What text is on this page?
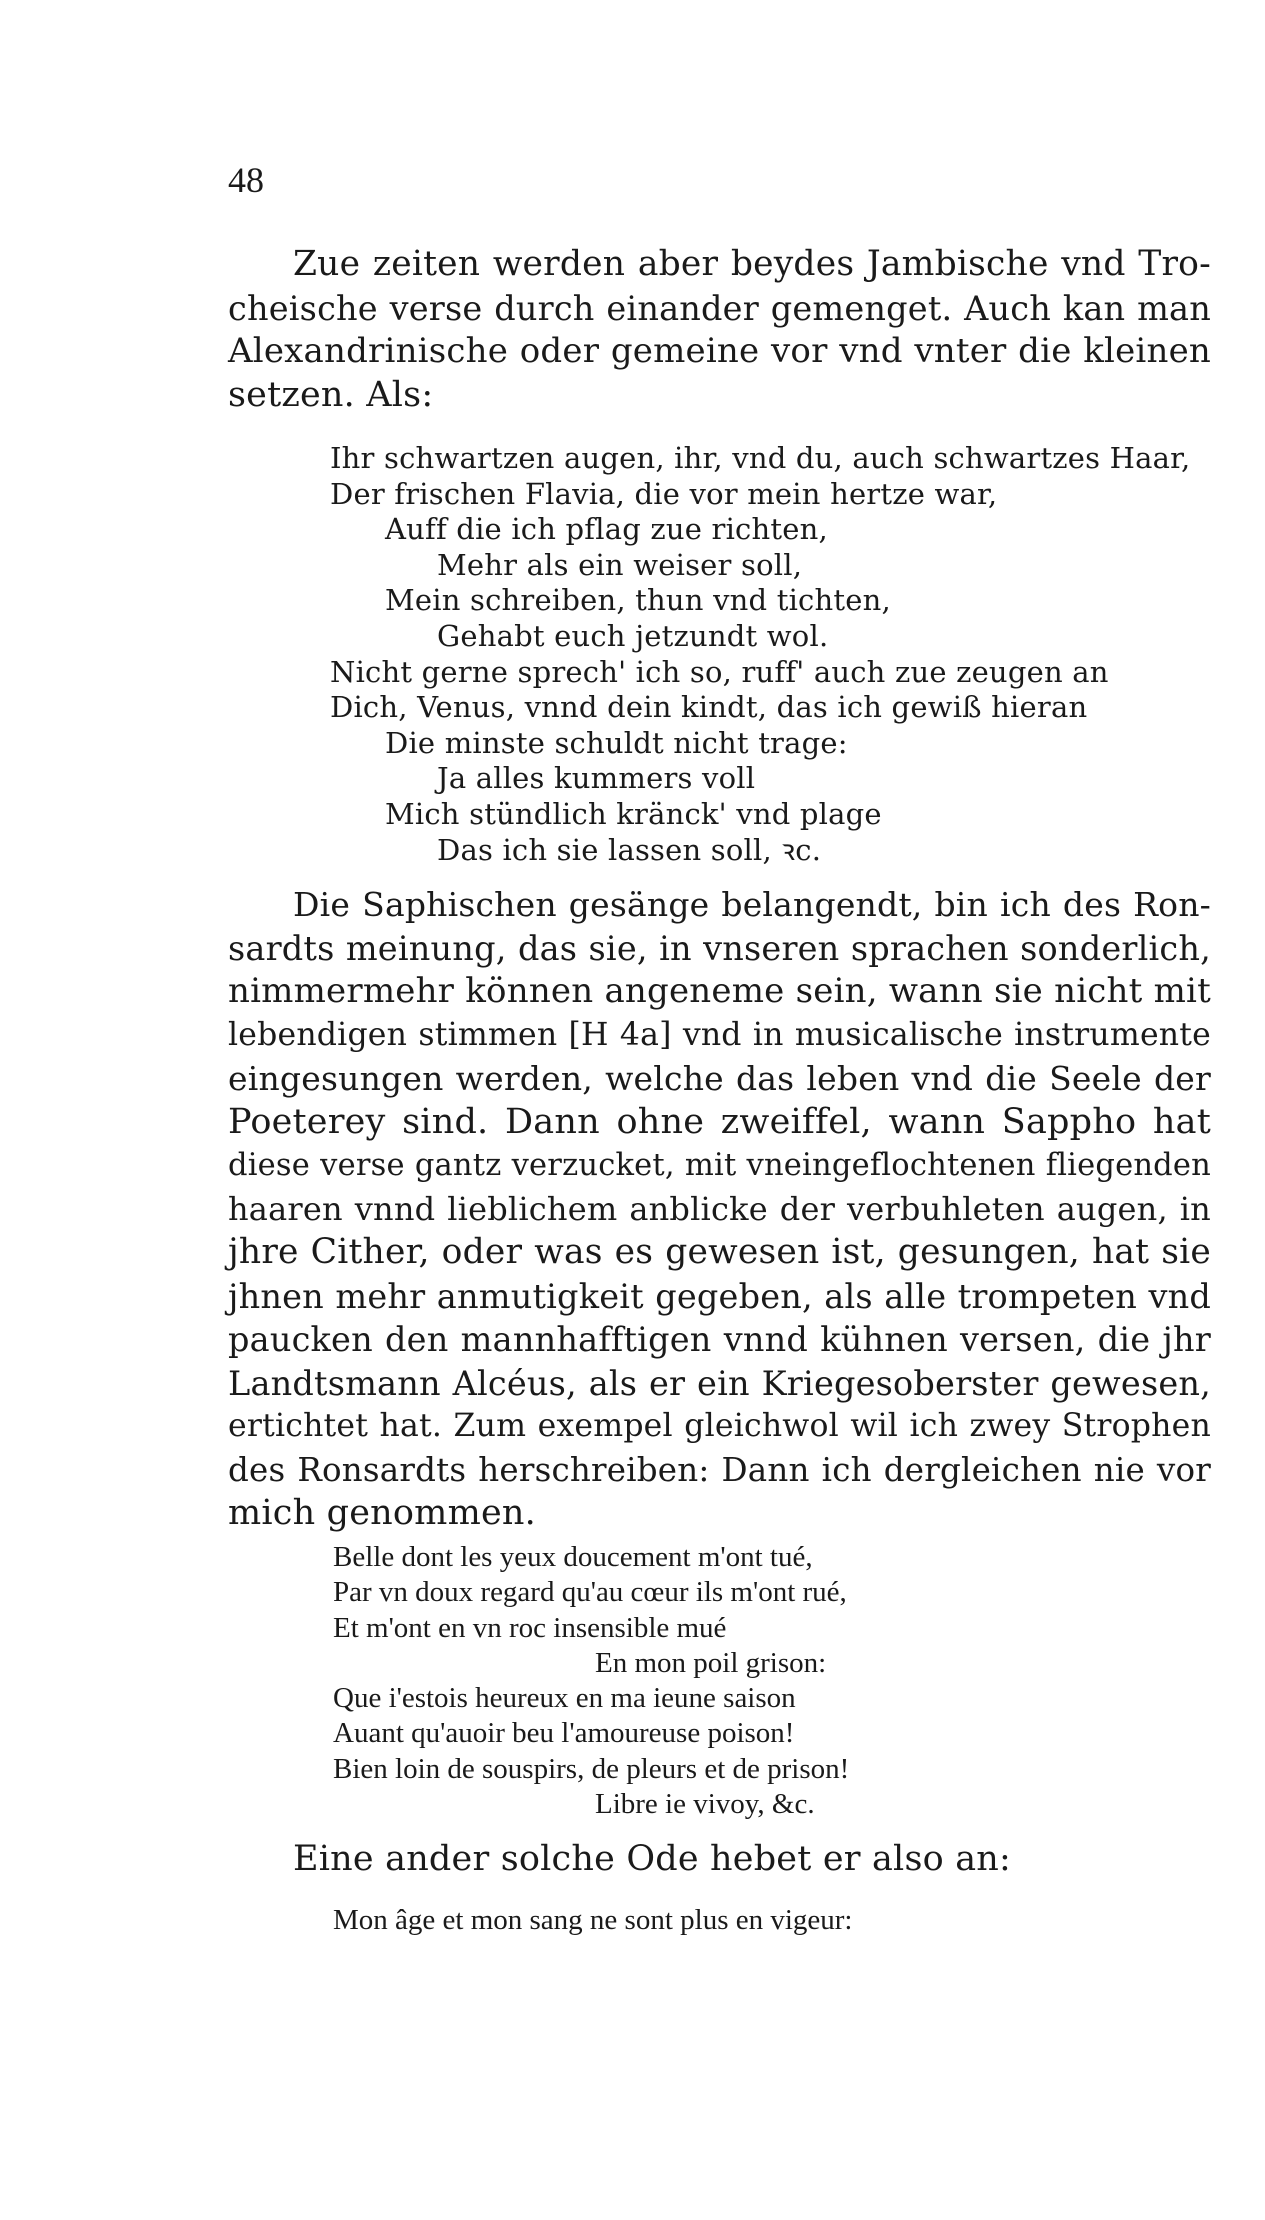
48
Zue zeiten werden aber beydes Jambische vnd Tro-
cheische verse durch einander gemenget. Auch kan man
Alexandrinische oder gemeine vor vnd vnter die kleinen
setzen. Als:
Ihr schwartzen augen, ihr, vnd du, auch schwartzes Haar,
Der frischen Flavia, die vor mein hertze war,
Auff die ich pflag zue richten,
Mehr als ein weiser soll,
Mein schreiben, thun vnd tichten,
Gehabt euch jetzundt wol.
Nicht gerne sprech' ich so, ruff' auch zue zeugen an
Dich, Venus, vnnd dein kindt, das ich gewiß hieran
Die minste schuldt nicht trage:
Ja alles kummers voll
Mich stündlich kränck' vnd plage
Das ich sie lassen soll, ꝛc.
Die Saphischen gesänge belangendt, bin ich des Ron-
sardts meinung, das sie, in vnseren sprachen sonderlich,
nimmermehr können angeneme sein, wann sie nicht mit
lebendigen stimmen [H 4a] vnd in musicalische instrumente
eingesungen werden, welche das leben vnd die Seele der
Poeterey sind. Dann ohne zweiffel, wann Sappho hat
diese verse gantz verzucket, mit vneingeflochtenen fliegenden
haaren vnnd lieblichem anblicke der verbuhleten augen, in
jhre Cither, oder was es gewesen ist, gesungen, hat sie
jhnen mehr anmutigkeit gegeben, als alle trompeten vnd
paucken den mannhafftigen vnnd kühnen versen, die jhr
Landtsmann Alcéus, als er ein Kriegesoberster gewesen,
ertichtet hat. Zum exempel gleichwol wil ich zwey Strophen
des Ronsardts herschreiben: Dann ich dergleichen nie vor
mich genommen.
Belle dont les yeux doucement m'ont tué,
Par vn doux regard qu'au cœur ils m'ont rué,
Et m'ont en vn roc insensible mué
En mon poil grison:
Que i'estois heureux en ma ieune saison
Auant qu'auoir beu l'amoureuse poison!
Bien loin de souspirs, de pleurs et de prison!
Libre ie vivoy, &c.
Eine ander solche Ode hebet er also an:
Mon âge et mon sang ne sont plus en vigeur:
